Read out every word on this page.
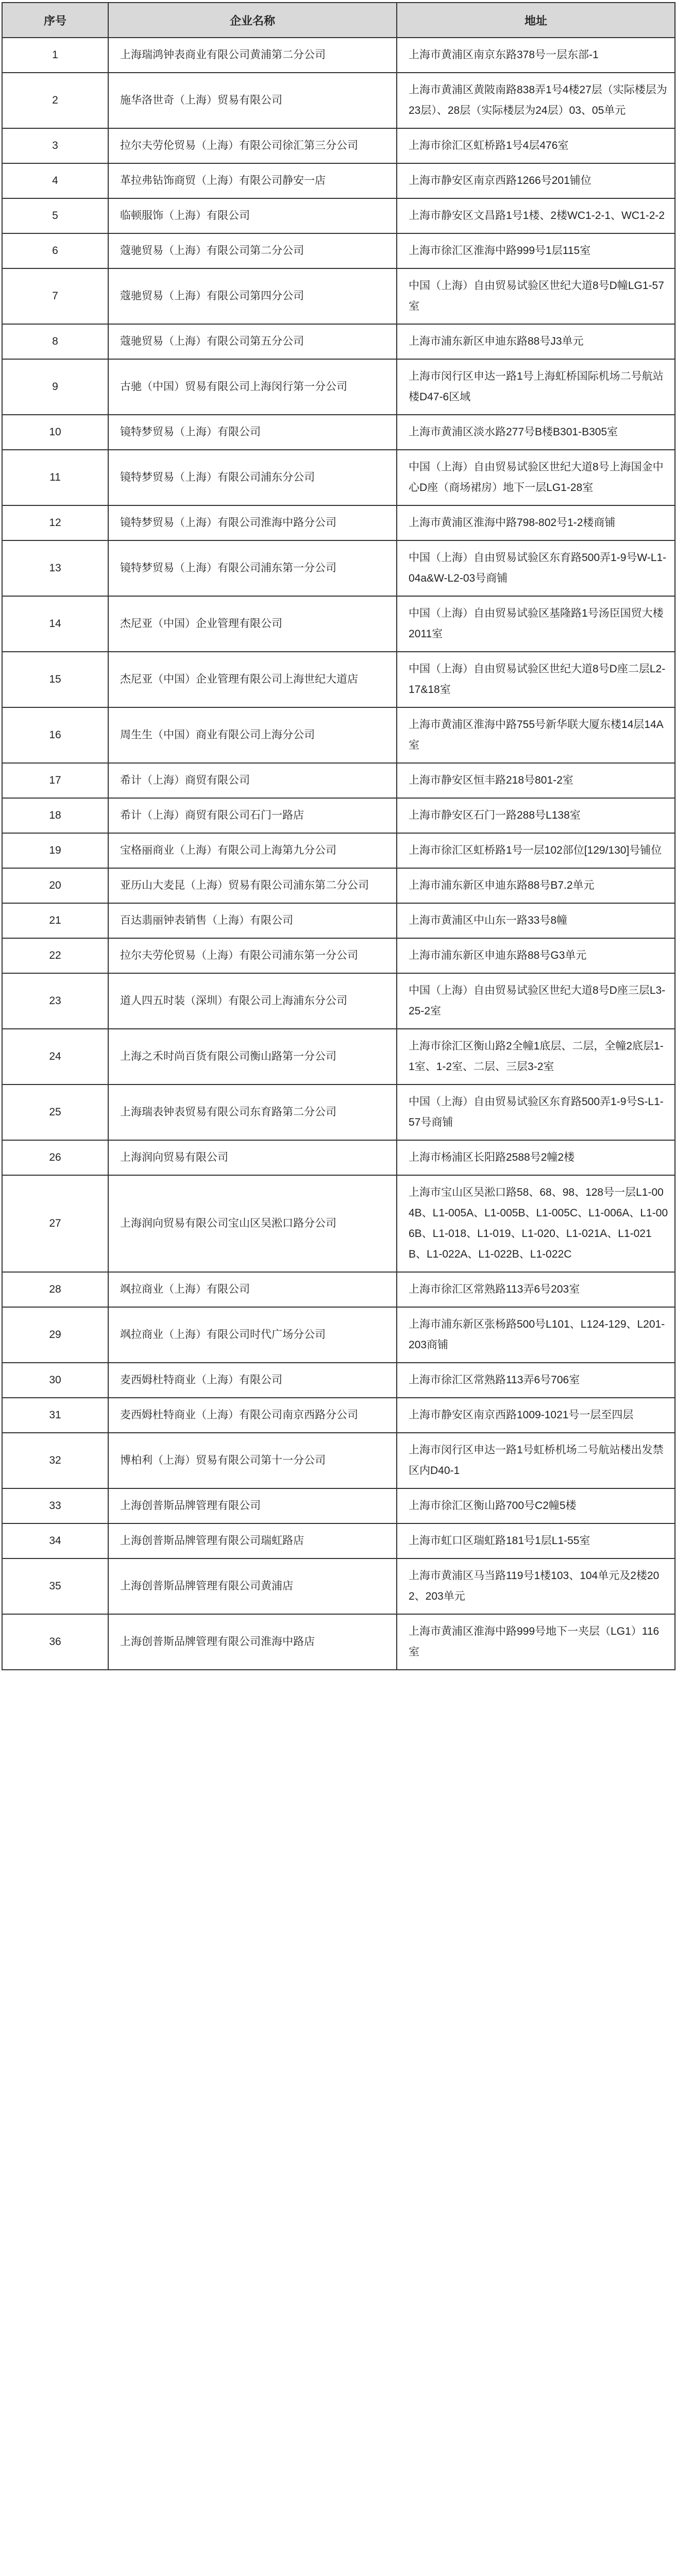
序号	企业名称	地址
1	上海瑞鸿钟表商业有限公司黄浦第二分公司	上海市黄浦区南京东路378号一层东部-1
2	施华洛世奇（上海）贸易有限公司	上海市黄浦区黄陂南路838弄1号4楼27层（实际楼层为23层）、28层（实际楼层为24层）03、05单元
3	拉尔夫劳伦贸易（上海）有限公司徐汇第三分公司	上海市徐汇区虹桥路1号4层476室
4	革拉弗钻饰商贸（上海）有限公司静安一店	上海市静安区南京西路1266号201铺位
5	临顿服饰（上海）有限公司	上海市静安区文昌路1号1楼、2楼WC1-2-1、WC1-2-2
6	蔻驰贸易（上海）有限公司第二分公司	上海市徐汇区淮海中路999号1层115室
7	蔻驰贸易（上海）有限公司第四分公司	中国（上海）自由贸易试验区世纪大道8号D幢LG1-57室
8	蔻驰贸易（上海）有限公司第五分公司	上海市浦东新区申迪东路88号J3单元
9	古驰（中国）贸易有限公司上海闵行第一分公司	上海市闵行区申达一路1号上海虹桥国际机场二号航站楼D47-6区域
10	镜特梦贸易（上海）有限公司	上海市黄浦区淡水路277号B楼B301-B305室
11	镜特梦贸易（上海）有限公司浦东分公司	中国（上海）自由贸易试验区世纪大道8号上海国金中心D座（商场裙房）地下一层LG1-28室
12	镜特梦贸易（上海）有限公司淮海中路分公司	上海市黄浦区淮海中路798-802号1-2楼商铺
13	镜特梦贸易（上海）有限公司浦东第一分公司	中国（上海）自由贸易试验区东育路500弄1-9号W-L1-04a&W-L2-03号商铺
14	杰尼亚（中国）企业管理有限公司	中国（上海）自由贸易试验区基隆路1号汤臣国贸大楼2011室
15	杰尼亚（中国）企业管理有限公司上海世纪大道店	中国（上海）自由贸易试验区世纪大道8号D座二层L2-17&18室
16	周生生（中国）商业有限公司上海分公司	上海市黄浦区淮海中路755号新华联大厦东楼14层14A室
17	希计（上海）商贸有限公司	上海市静安区恒丰路218号801-2室
18	希计（上海）商贸有限公司石门一路店	上海市静安区石门一路288号L138室
19	宝格丽商业（上海）有限公司上海第九分公司	上海市徐汇区虹桥路1号一层102部位[129/130]号铺位
20	亚历山大麦昆（上海）贸易有限公司浦东第二分公司	上海市浦东新区申迪东路88号B7.2单元
21	百达翡丽钟表销售（上海）有限公司	上海市黄浦区中山东一路33号8幢
22	拉尔夫劳伦贸易（上海）有限公司浦东第一分公司	上海市浦东新区申迪东路88号G3单元
23	道人四五时装（深圳）有限公司上海浦东分公司	中国（上海）自由贸易试验区世纪大道8号D座三层L3-25-2室
24	上海之禾时尚百货有限公司衡山路第一分公司	上海市徐汇区衡山路2全幢1底层、二层，全幢2底层1-1室、1-2室、二层、三层3-2室
25	上海瑞表钟表贸易有限公司东育路第二分公司	中国（上海）自由贸易试验区东育路500弄1-9号S-L1-57号商铺
26	上海润向贸易有限公司	上海市杨浦区长阳路2588号2幢2楼
27	上海润向贸易有限公司宝山区吴淞口路分公司	上海市宝山区吴淞口路58、68、98、128号一层L1-004B、L1-005A、L1-005B、L1-005C、L1-006A、L1-006B、L1-018、L1-019、L1-020、L1-021A、L1-021B、L1-022A、L1-022B、L1-022C
28	飒拉商业（上海）有限公司	上海市徐汇区常熟路113弄6号203室
29	飒拉商业（上海）有限公司时代广场分公司	上海市浦东新区张杨路500号L101、L124-129、L201-203商铺
30	麦西姆杜特商业（上海）有限公司	上海市徐汇区常熟路113弄6号706室
31	麦西姆杜特商业（上海）有限公司南京西路分公司	上海市静安区南京西路1009-1021号一层至四层
32	博柏利（上海）贸易有限公司第十一分公司	上海市闵行区申达一路1号虹桥机场二号航站楼出发禁区内D40-1
33	上海创普斯品牌管理有限公司	上海市徐汇区衡山路700号C2幢5楼
34	上海创普斯品牌管理有限公司瑞虹路店	上海市虹口区瑞虹路181号1层L1-55室
35	上海创普斯品牌管理有限公司黄浦店	上海市黄浦区马当路119号1楼103、104单元及2楼202、203单元
36	上海创普斯品牌管理有限公司淮海中路店	上海市黄浦区淮海中路999号地下一夹层（LG1）116室
